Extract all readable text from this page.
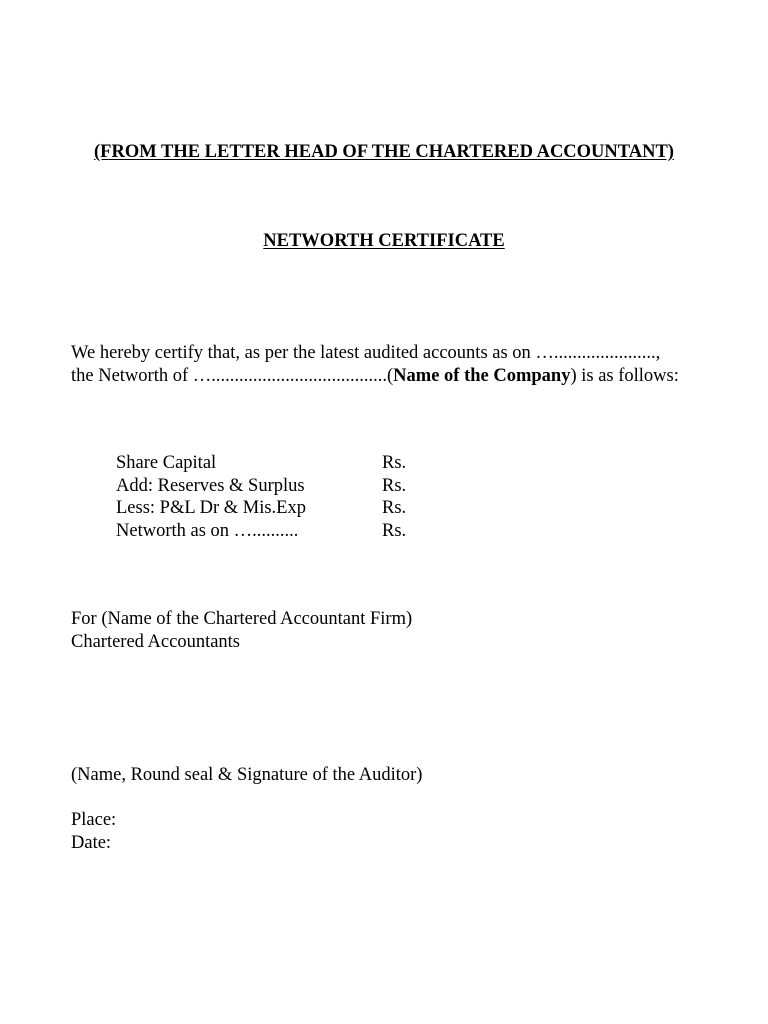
(FROM THE LETTER HEAD OF THE CHARTERED ACCOUNTANT)
NETWORTH CERTIFICATE
We hereby certify that, as per the latest audited accounts as on …......................,
the Networth of …......................................(Name of the Company) is as follows:
Share Capital	Rs.
Add: Reserves & Surplus	Rs.
Less: P&L Dr & Mis.Exp	Rs.
Networth as on …..........	Rs.
For (Name of the Chartered Accountant Firm)
Chartered Accountants
(Name, Round seal & Signature of the Auditor)
Place:
Date:
